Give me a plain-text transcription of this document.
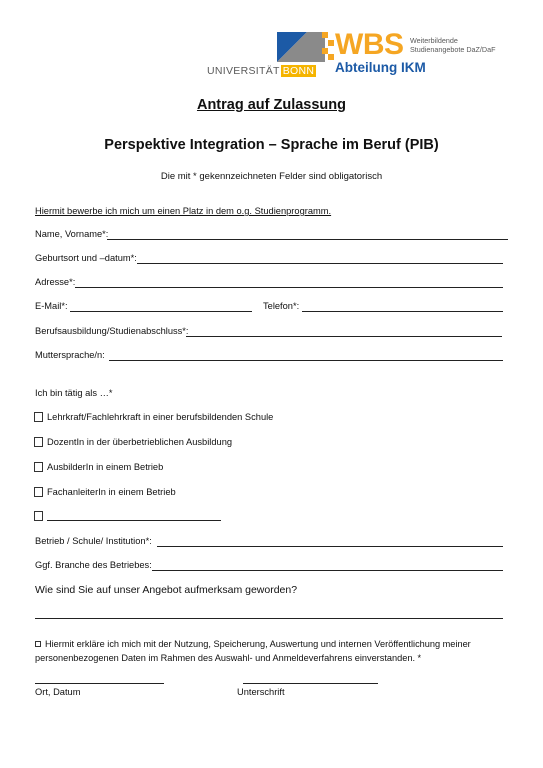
UNIVERSITÄT BONN
WBS Weiterbildende
Studienangebote DaZ/DaF
Abteilung IKM
Antrag auf Zulassung
Perspektive Integration – Sprache im Beruf (PIB)
Die mit * gekennzeichneten Felder sind obligatorisch
Hiermit bewerbe ich mich um einen Platz in dem o.g. Studienprogramm.
Name, Vorname*:
Geburtsort und –datum*:
Adresse*:
E-Mail*:	Telefon*:
Berufsausbildung/Studienabschluss*:
Muttersprache/n:
Ich bin tätig als …*
Lehrkraft/Fachlehrkraft in einer berufsbildenden Schule
DozentIn in der überbetrieblichen Ausbildung
AusbilderIn in einem Betrieb
FachanleiterIn in einem Betrieb
Betrieb / Schule/ Institution*:
Ggf. Branche des Betriebes:
Wie sind Sie auf unser Angebot aufmerksam geworden?
Hiermit erkläre ich mich mit der Nutzung, Speicherung, Auswertung und internen Veröffentlichung meiner personenbezogenen Daten im Rahmen des Auswahl- und Anmeldeverfahrens einverstanden. *
Ort, Datum	Unterschrift
